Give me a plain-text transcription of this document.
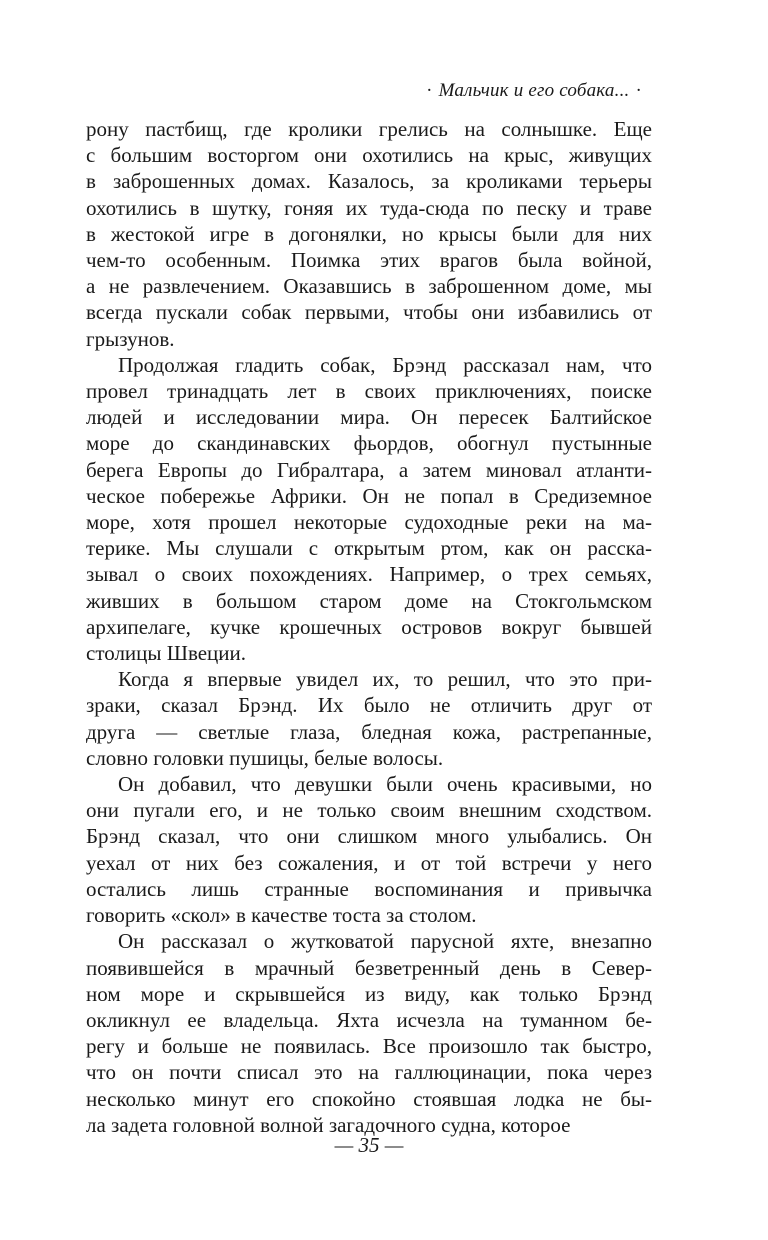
· Мальчик и его собака... ·
рону пастбищ, где кролики грелись на солнышке. Еще
с большим восторгом они охотились на крыс, живущих
в заброшенных домах. Казалось, за кроликами терьеры
охотились в шутку, гоняя их туда-сюда по песку и траве
в жестокой игре в догонялки, но крысы были для них
чем-то особенным. Поимка этих врагов была войной,
а не развлечением. Оказавшись в заброшенном доме, мы
всегда пускали собак первыми, чтобы они избавились от
грызунов.
Продолжая гладить собак, Брэнд рассказал нам, что
провел тринадцать лет в своих приключениях, поиске
людей и исследовании мира. Он пересек Балтийское
море до скандинавских фьордов, обогнул пустынные
берега Европы до Гибралтара, а затем миновал атланти-
ческое побережье Африки. Он не попал в Средиземное
море, хотя прошел некоторые судоходные реки на ма-
терике. Мы слушали с открытым ртом, как он расска-
зывал о своих похождениях. Например, о трех семьях,
живших в большом старом доме на Стокгольмском
архипелаге, кучке крошечных островов вокруг бывшей
столицы Швеции.
Когда я впервые увидел их, то решил, что это при-
зраки, сказал Брэнд. Их было не отличить друг от
друга — светлые глаза, бледная кожа, растрепанные,
словно головки пушицы, белые волосы.
Он добавил, что девушки были очень красивыми, но
они пугали его, и не только своим внешним сходством.
Брэнд сказал, что они слишком много улыбались. Он
уехал от них без сожаления, и от той встречи у него
остались лишь странные воспоминания и привычка
говорить «скол» в качестве тоста за столом.
Он рассказал о жутковатой парусной яхте, внезапно
появившейся в мрачный безветренный день в Север-
ном море и скрывшейся из виду, как только Брэнд
окликнул ее владельца. Яхта исчезла на туманном бе-
регу и больше не появилась. Все произошло так быстро,
что он почти списал это на галлюцинации, пока через
несколько минут его спокойно стоявшая лодка не бы-
ла задета головной волной загадочного судна, которое
— 35 —
